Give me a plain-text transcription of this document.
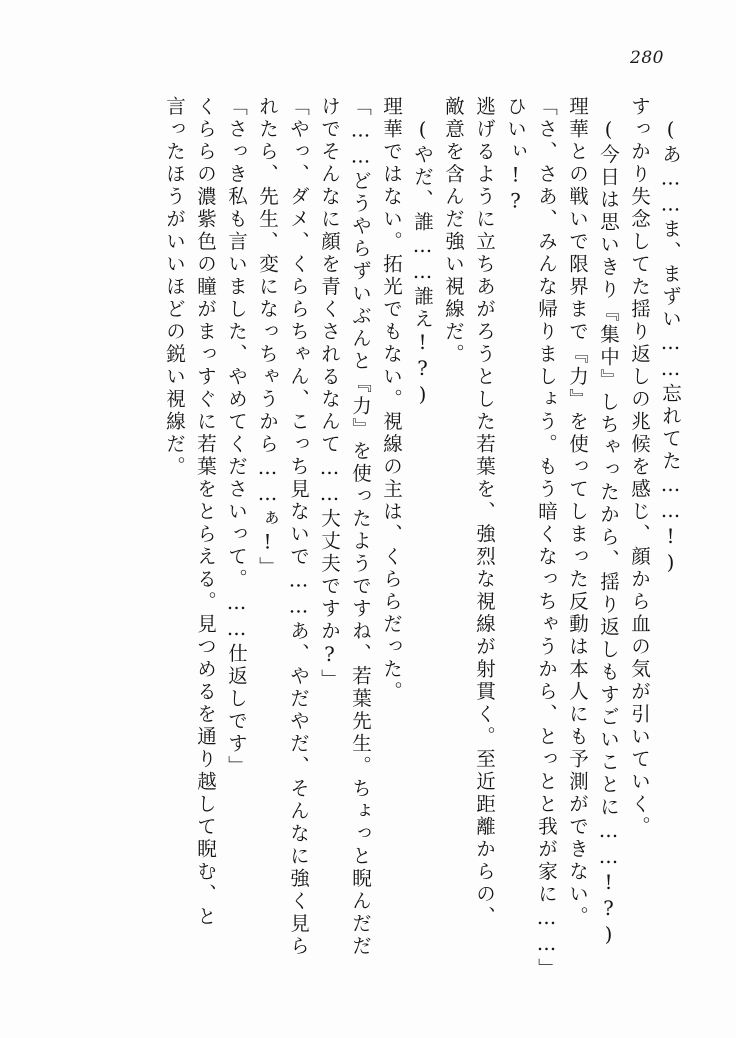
280
(あ……ま、まずい……忘れてた……!)
すっかり失念してた揺り返しの兆候を感じ、顔から血の気が引いていく。
(今日は思いきり『集中』しちゃったから、揺り返しもすごいことに……!?)
理華との戦いで限界まで『力』を使ってしまった反動は本人にも予測ができない。
「さ、さあ、みんな帰りましょう。もう暗くなっちゃうから、とっとと我が家に……」
ひいぃ!?
逃げるように立ちあがろうとした若葉を、強烈な視線が射貫く。至近距離からの、
敵意を含んだ強い視線だ。
(やだ、誰……誰え!?)
理華ではない。拓光でもない。視線の主は、くららだった。
「……どうやらずいぶんと『力』を使ったようですね、若葉先生。ちょっと睨んだだ
けでそんなに顔を青くされるなんて……大丈夫ですか?」
「やっ、ダメ、くららちゃん、こっち見ないで……あ、やだやだ、そんなに強く見ら
れたら、先生、変になっちゃうから……ぁ!」
「さっき私も言いました、やめてくださいって。……仕返しです」
くららの濃紫色の瞳がまっすぐに若葉をとらえる。見つめるを通り越して睨む、と
言ったほうがいいほどの鋭い視線だ。
